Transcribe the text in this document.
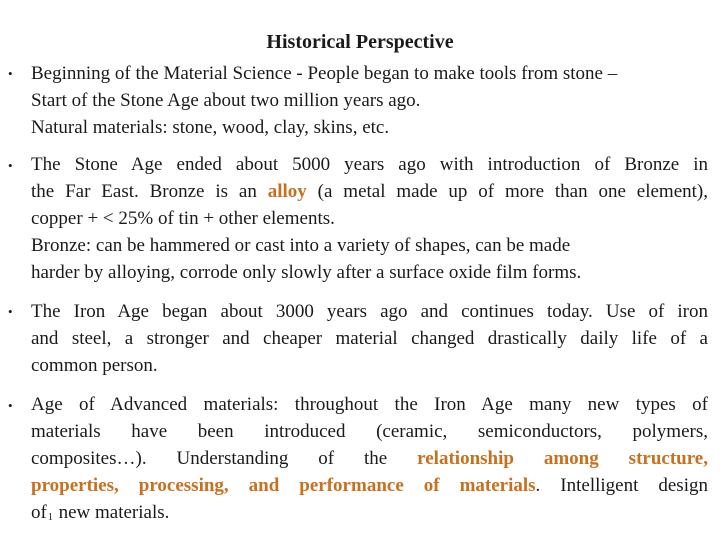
Historical Perspective
• Beginning of the Material Science - People began to make tools from stone –
Start of the Stone Age about two million years ago.
Natural materials: stone, wood, clay, skins, etc.
• The Stone Age ended about 5000 years ago with introduction of Bronze in
the Far East. Bronze is an alloy (a metal made up of more than one element),
copper + < 25% of tin + other elements.
Bronze: can be hammered or cast into a variety of shapes, can be made
harder by alloying, corrode only slowly after a surface oxide film forms.
• The Iron Age began about 3000 years ago and continues today. Use of iron
and steel, a stronger and cheaper material changed drastically daily life of a
common person.
• Age of Advanced materials: throughout the Iron Age many new types of
materials have been introduced (ceramic, semiconductors, polymers,
composites…). Understanding of the relationship among structure,
properties, processing, and performance of materials. Intelligent design
of1 new materials.
